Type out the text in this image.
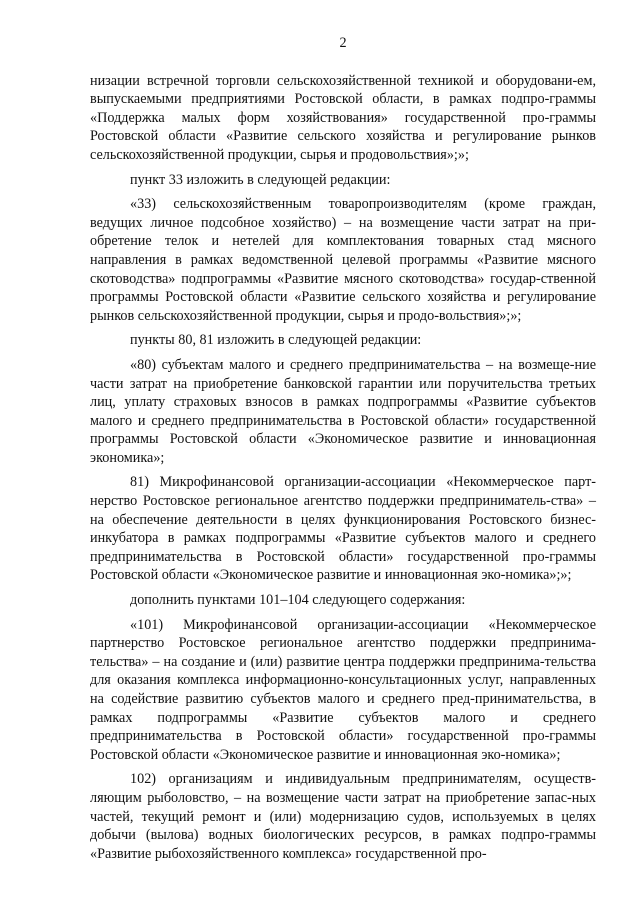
2

низации встречной торговли сельскохозяйственной техникой и оборудовани-ем, выпускаемыми предприятиями Ростовской области, в рамках подпро-граммы «Поддержка малых форм хозяйствования» государственной про-граммы Ростовской области «Развитие сельского хозяйства и регулирование рынков сельскохозяйственной продукции, сырья и продовольствия»;»;

пункт 33 изложить в следующей редакции:

«33) сельскохозяйственным товаропроизводителям (кроме граждан, ведущих личное подсобное хозяйство) – на возмещение части затрат на при-обретение телок и нетелей для комплектования товарных стад мясного направления в рамках ведомственной целевой программы «Развитие мясного скотоводства» подпрограммы «Развитие мясного скотоводства» государ-ственной программы Ростовской области «Развитие сельского хозяйства и регулирование рынков сельскохозяйственной продукции, сырья и продо-вольствия»;»;

пункты 80, 81 изложить в следующей редакции:

«80) субъектам малого и среднего предпринимательства – на возмеще-ние части затрат на приобретение банковской гарантии или поручительства третьих лиц, уплату страховых взносов в рамках подпрограммы «Развитие субъектов малого и среднего предпринимательства в Ростовской области» государственной программы Ростовской области «Экономическое развитие и инновационная экономика»;

81) Микрофинансовой организации-ассоциации «Некоммерческое парт-нерство Ростовское региональное агентство поддержки предприниматель-ства» – на обеспечение деятельности в целях функционирования Ростовского бизнес-инкубатора в рамках подпрограммы «Развитие субъектов малого и среднего предпринимательства в Ростовской области» государственной про-граммы Ростовской области «Экономическое развитие и инновационная эко-номика»;»;

дополнить пунктами 101–104 следующего содержания:

«101) Микрофинансовой организации-ассоциации «Некоммерческое партнерство Ростовское региональное агентство поддержки предпринима-тельства» – на создание и (или) развитие центра поддержки предпринима-тельства для оказания комплекса информационно-консультационных услуг, направленных на содействие развитию субъектов малого и среднего пред-принимательства, в рамках подпрограммы «Развитие субъектов малого и среднего предпринимательства в Ростовской области» государственной про-граммы Ростовской области «Экономическое развитие и инновационная эко-номика»;

102) организациям и индивидуальным предпринимателям, осуществ-ляющим рыболовство, – на возмещение части затрат на приобретение запас-ных частей, текущий ремонт и (или) модернизацию судов, используемых в целях добычи (вылова) водных биологических ресурсов, в рамках подпро-граммы «Развитие рыбохозяйственного комплекса» государственной про-
